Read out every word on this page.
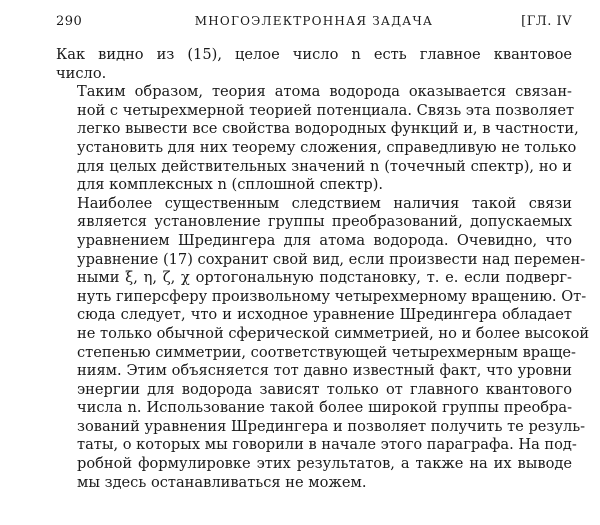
290	МНОГОЭЛЕКТРОННАЯ ЗАДАЧА	[ГЛ. IV

Как видно из (15), целое число n есть главное квантовое
число.

Таким образом, теория атома водорода оказывается связан-
ной с четырехмерной теорией потенциала. Связь эта позволяет
легко вывести все свойства водородных функций и, в частности,
установить для них теорему сложения, справедливую не только
для целых действительных значений n (точечный спектр), но и
для комплексных n (сплошной спектр).

Наиболее существенным следствием наличия такой связи
является установление группы преобразований, допускаемых
уравнением Шредингера для атома водорода. Очевидно, что
уравнение (17) сохранит свой вид, если произвести над перемен-
ными ξ, η, ζ, χ ортогональную подстановку, т. е. если подверг-
нуть гиперсферу произвольному четырехмерному вращению. От-
сюда следует, что и исходное уравнение Шредингера обладает
не только обычной сферической симметрией, но и более высокой
степенью симметрии, соответствующей четырехмерным враще-
ниям. Этим объясняется тот давно известный факт, что уровни
энергии для водорода зависят только от главного квантового
числа n. Использование такой более широкой группы преобра-
зований уравнения Шредингера и позволяет получить те резуль-
таты, о которых мы говорили в начале этого параграфа. На под-
робной формулировке этих результатов, а также на их выводе
мы здесь останавливаться не можем.
